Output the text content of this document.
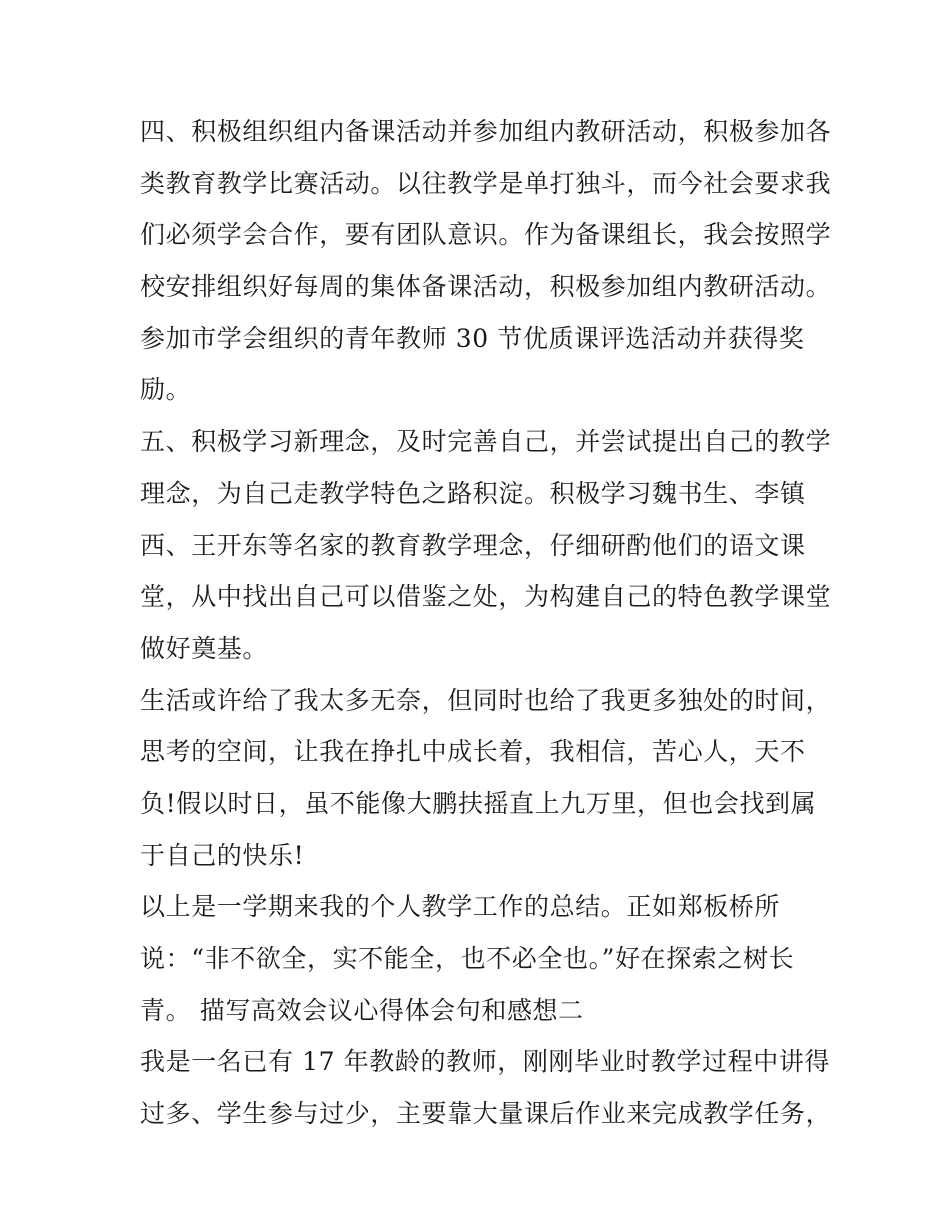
四、积极组织组内备课活动并参加组内教研活动，积极参加各
类教育教学比赛活动。以往教学是单打独斗，而今社会要求我
们必须学会合作，要有团队意识。作为备课组长，我会按照学
校安排组织好每周的集体备课活动，积极参加组内教研活动。
参加市学会组织的青年教师 30 节优质课评选活动并获得奖
励。
五、积极学习新理念，及时完善自己，并尝试提出自己的教学
理念，为自己走教学特色之路积淀。积极学习魏书生、李镇
西、王开东等名家的教育教学理念，仔细研酌他们的语文课
堂，从中找出自己可以借鉴之处，为构建自己的特色教学课堂
做好奠基。
生活或许给了我太多无奈，但同时也给了我更多独处的时间，
思考的空间，让我在挣扎中成长着，我相信，苦心人，天不
负!假以时日，虽不能像大鹏扶摇直上九万里，但也会找到属
于自己的快乐!
以上是一学期来我的个人教学工作的总结。正如郑板桥所
说：“非不欲全，实不能全，也不必全也。”好在探索之树长
青。 描写高效会议心得体会句和感想二
我是一名已有 17 年教龄的教师，刚刚毕业时教学过程中讲得
过多、学生参与过少，主要靠大量课后作业来完成教学任务，
